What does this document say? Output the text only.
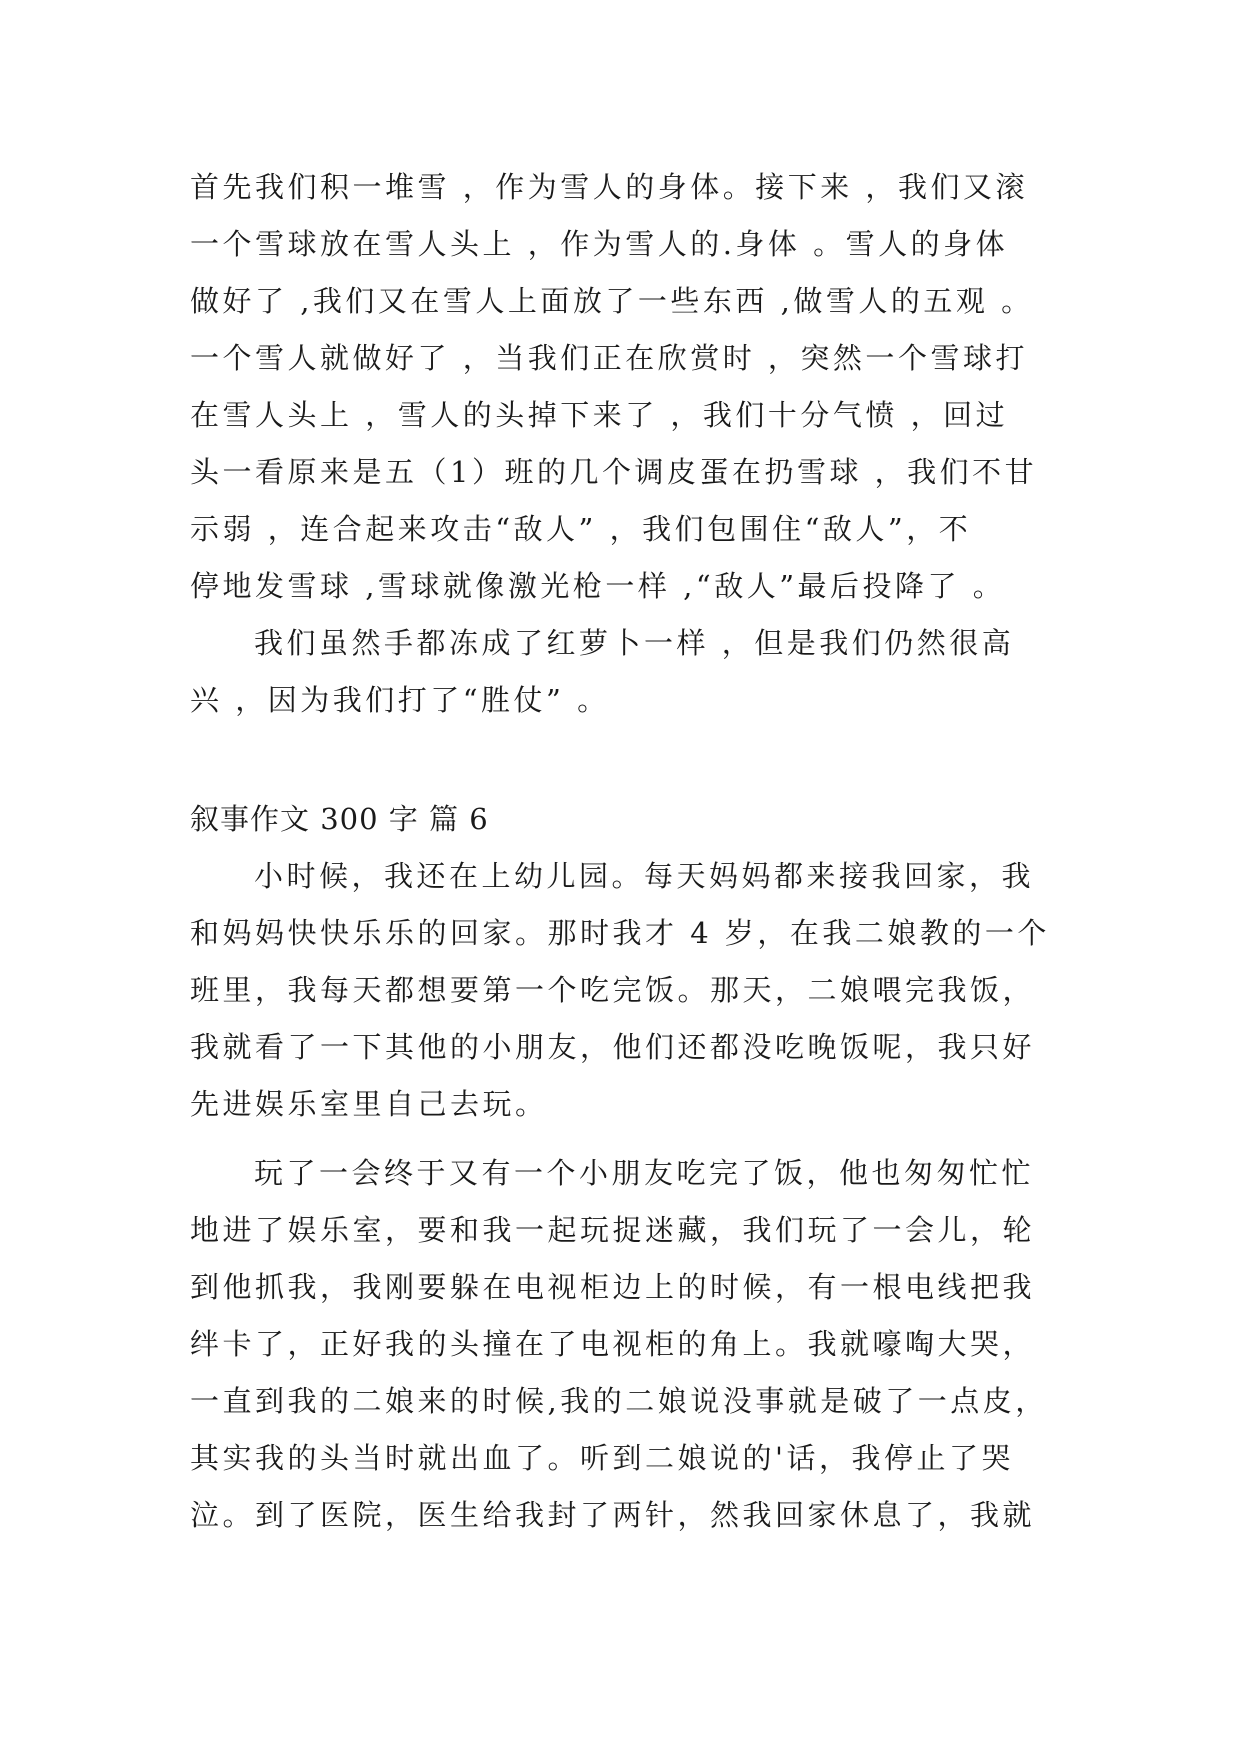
首先我们积一堆雪 ，作为雪人的身体。接下来 ，我们又滚
一个雪球放在雪人头上 ，作为雪人的.身体 。雪人的身体
做好了 ,我们又在雪人上面放了一些东西 ,做雪人的五观 。
一个雪人就做好了 ，当我们正在欣赏时 ，突然一个雪球打
在雪人头上 ，雪人的头掉下来了 ，我们十分气愤 ，回过
头一看原来是五（1）班的几个调皮蛋在扔雪球 ，我们不甘
示弱 ，连合起来攻击“敌人” ，我们包围住“敌人”，不
停地发雪球 ,雪球就像激光枪一样 ,“敌人”最后投降了 。
我们虽然手都冻成了红萝卜一样 ，但是我们仍然很高
兴 ，因为我们打了“胜仗” 。
叙事作文 300 字 篇 6
小时候，我还在上幼儿园。每天妈妈都来接我回家，我
和妈妈快快乐乐的回家。那时我才 4 岁，在我二娘教的一个
班里，我每天都想要第一个吃完饭。那天，二娘喂完我饭，
我就看了一下其他的小朋友，他们还都没吃晚饭呢，我只好
先进娱乐室里自己去玩。
玩了一会终于又有一个小朋友吃完了饭，他也匆匆忙忙
地进了娱乐室，要和我一起玩捉迷藏，我们玩了一会儿，轮
到他抓我，我刚要躲在电视柜边上的时候，有一根电线把我
绊卡了，正好我的头撞在了电视柜的角上。我就嚎啕大哭，
一直到我的二娘来的时候,我的二娘说没事就是破了一点皮，
其实我的头当时就出血了。听到二娘说的'话，我停止了哭
泣。到了医院，医生给我封了两针，然我回家休息了，我就
